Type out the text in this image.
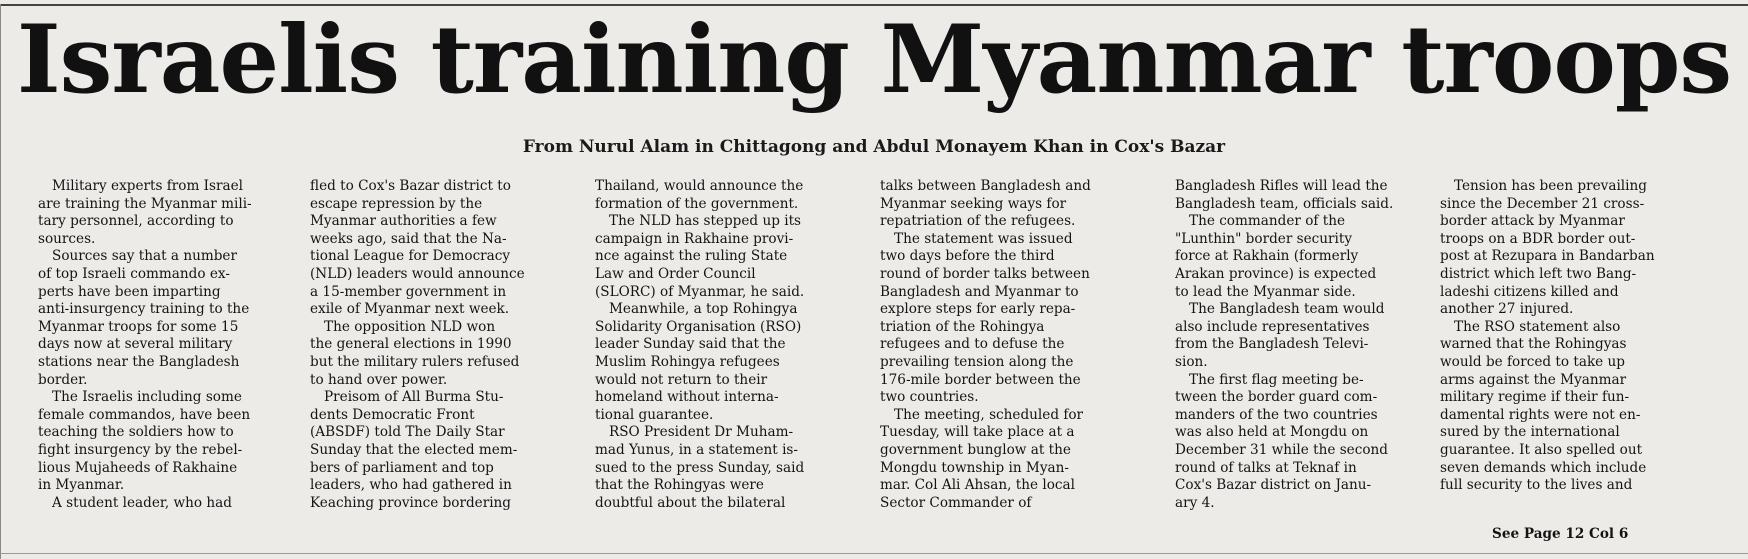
Israelis training Myanmar troops
From Nurul Alam in Chittagong and Abdul Monayem Khan in Cox's Bazar
Military experts from Israel
are training the Myanmar mili-
tary personnel, according to
sources.
Sources say that a number
of top Israeli commando ex-
perts have been imparting
anti-insurgency training to the
Myanmar troops for some 15
days now at several military
stations near the Bangladesh
border.
The Israelis including some
female commandos, have been
teaching the soldiers how to
fight insurgency by the rebel-
lious Mujaheeds of Rakhaine
in Myanmar.
A student leader, who had
fled to Cox's Bazar district to
escape repression by the
Myanmar authorities a few
weeks ago, said that the Na-
tional League for Democracy
(NLD) leaders would announce
a 15-member government in
exile of Myanmar next week.
The opposition NLD won
the general elections in 1990
but the military rulers refused
to hand over power.
Preisom of All Burma Stu-
dents Democratic Front
(ABSDF) told The Daily Star
Sunday that the elected mem-
bers of parliament and top
leaders, who had gathered in
Keaching province bordering
Thailand, would announce the
formation of the government.
The NLD has stepped up its
campaign in Rakhaine provi-
nce against the ruling State
Law and Order Council
(SLORC) of Myanmar, he said.
Meanwhile, a top Rohingya
Solidarity Organisation (RSO)
leader Sunday said that the
Muslim Rohingya refugees
would not return to their
homeland without interna-
tional guarantee.
RSO President Dr Muham-
mad Yunus, in a statement is-
sued to the press Sunday, said
that the Rohingyas were
doubtful about the bilateral
talks between Bangladesh and
Myanmar seeking ways for
repatriation of the refugees.
The statement was issued
two days before the third
round of border talks between
Bangladesh and Myanmar to
explore steps for early repa-
triation of the Rohingya
refugees and to defuse the
prevailing tension along the
176-mile border between the
two countries.
The meeting, scheduled for
Tuesday, will take place at a
government bunglow at the
Mongdu township in Myan-
mar. Col Ali Ahsan, the local
Sector Commander of
Bangladesh Rifles will lead the
Bangladesh team, officials said.
The commander of the
"Lunthin" border security
force at Rakhain (formerly
Arakan province) is expected
to lead the Myanmar side.
The Bangladesh team would
also include representatives
from the Bangladesh Televi-
sion.
The first flag meeting be-
tween the border guard com-
manders of the two countries
was also held at Mongdu on
December 31 while the second
round of talks at Teknaf in
Cox's Bazar district on Janu-
ary 4.
Tension has been prevailing
since the December 21 cross-
border attack by Myanmar
troops on a BDR border out-
post at Rezupara in Bandarban
district which left two Bang-
ladeshi citizens killed and
another 27 injured.
The RSO statement also
warned that the Rohingyas
would be forced to take up
arms against the Myanmar
military regime if their fun-
damental rights were not en-
sured by the international
guarantee. It also spelled out
seven demands which include
full security to the lives and
See Page 12 Col 6
